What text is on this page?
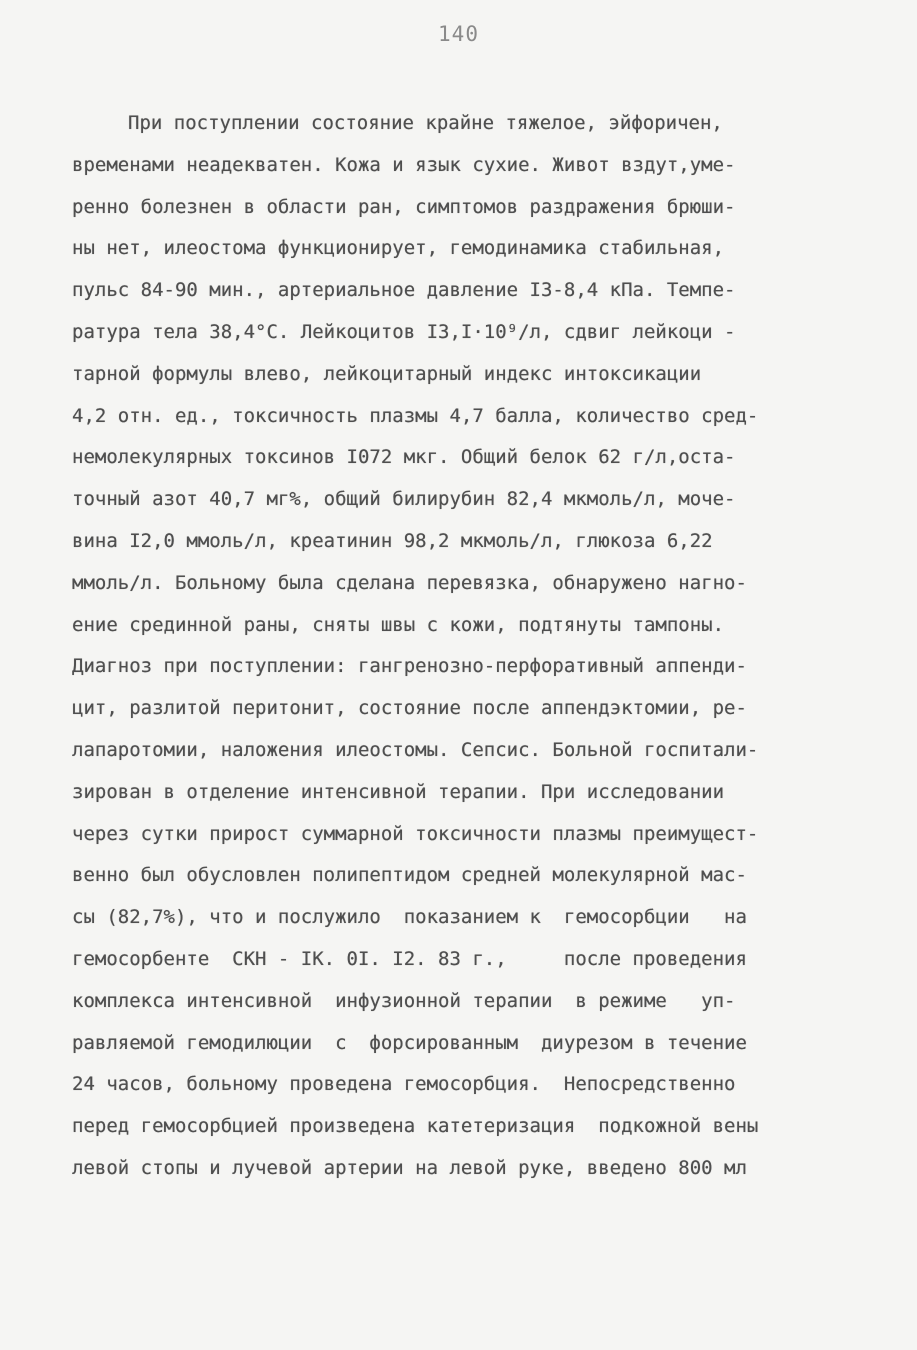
140
При поступлении состояние крайне тяжелое, эйфоричен,
временами неадекватен. Кожа и язык сухие. Живот вздут,уме-
ренно болезнен в области ран, симптомов раздражения брюши-
ны нет, илеостома функционирует, гемодинамика стабильная,
пульс 84-90 мин., артериальное давление I3-8,4 кПа. Темпе-
ратура тела 38,4°С. Лейкоцитов I3,I·10⁹/л, сдвиг лейкоци -
тарной формулы влево, лейкоцитарный индекс интоксикации
4,2 отн. ед., токсичность плазмы 4,7 балла, количество сред-
немолекулярных токсинов I072 мкг. Общий белок 62 г/л,оста-
точный азот 40,7 мг%, общий билирубин 82,4 мкмоль/л, моче-
вина I2,0 ммоль/л, креатинин 98,2 мкмоль/л, глюкоза 6,22
ммоль/л. Больному была сделана перевязка, обнаружено нагно-
ение срединной раны, сняты швы с кожи, подтянуты тампоны.
Диагноз при поступлении: гангренозно-перфоративный аппенди-
цит, разлитой перитонит, состояние после аппендэктомии, ре-
лапаротомии, наложения илеостомы. Сепсис. Больной госпитали-
зирован в отделение интенсивной терапии. При исследовании
через сутки прирост суммарной токсичности плазмы преимущест-
венно был обусловлен полипептидом средней молекулярной мас-
сы (82,7%), что и послужило  показанием к  гемосорбции   на
гемосорбенте  СКН - IК. 0I. I2. 83 г.,     после проведения
комплекса интенсивной  инфузионной терапии  в режиме   уп-
равляемой гемодилюции  с  форсированным  диурезом в течение
24 часов, больному проведена гемосорбция.  Непосредственно
перед гемосорбцией произведена катетеризация  подкожной вены
левой стопы и лучевой артерии на левой руке, введено 800 мл
